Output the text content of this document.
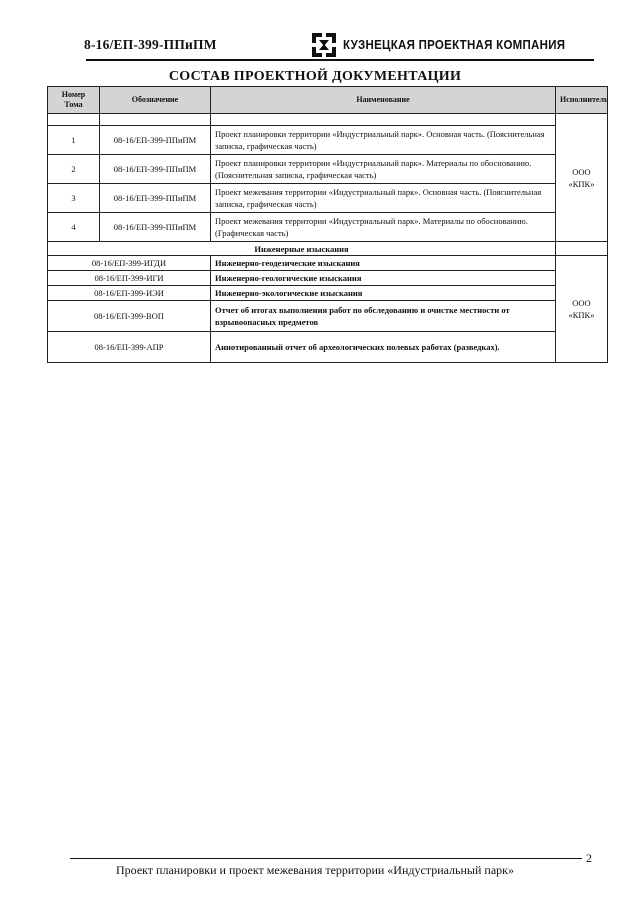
8-16/ЕП-399-ППиПМ	КУЗНЕЦКАЯ ПРОЕКТНАЯ КОМПАНИЯ
СОСТАВ ПРОЕКТНОЙ ДОКУМЕНТАЦИИ
Номер Тома	Обозначение	Наименование	Исполнитель
			ООО «КПК»
1	08-16/ЕП-399-ППиПМ	Проект планировки территории «Индустриальный парк». Основная часть. (Пояснительная записка, графическая часть)	
2	08-16/ЕП-399-ППиПМ	Проект планировки территории «Индустриальный парк». Материалы по обоснованию. (Пояснительная записка, графическая часть)	
3	08-16/ЕП-399-ППиПМ	Проект межевания территории «Индустриальный парк». Основная часть. (Пояснительная записка, графическая часть)	
4	08-16/ЕП-399-ППиПМ	Проект межевания территории «Индустриальный парк». Материалы по обоснованию. (Графическая часть)	
Инженерные изыскания			
08-16/ЕП-399-ИГДИ		Инженерно-геодезические изыскания	ООО «КПК»
08-16/ЕП-399-ИГИ		Инженерно-геологические изыскания	
08-16/ЕП-399-ИЭИ		Инженерно-экологические изыскания	
08-16/ЕП-399-ВОП		Отчет об итогах выполнения работ по обследованию и очистке местности от взрывоопасных предметов	
08-16/ЕП-399-АПР		Аннотированный отчет об археологических полевых работах (разведках).	
2
Проект планировки и проект межевания территории «Индустриальный парк»
